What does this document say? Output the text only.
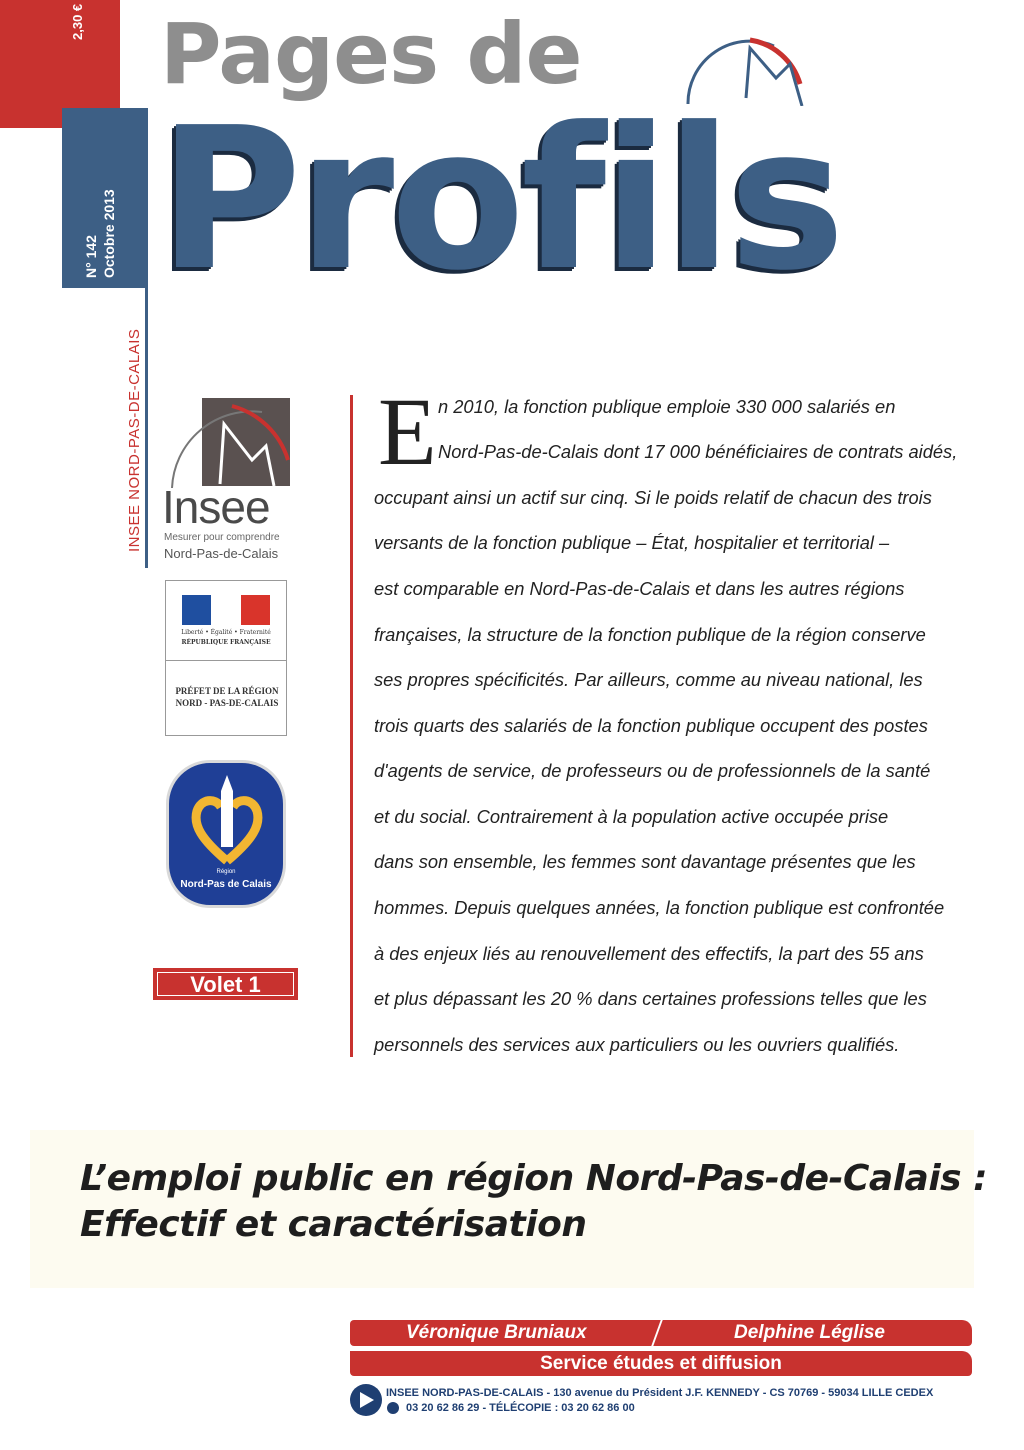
2,30 €
N° 142 Octobre 2013
INSEE NORD-PAS-DE-CALAIS
Pages de
Profils
Insee
Mesurer pour comprendre
Nord-Pas-de-Calais
Liberté • Égalité • Fraternité
RÉPUBLIQUE FRANÇAISE
PRÉFET DE LA RÉGION
NORD - PAS-DE-CALAIS
Région
Nord-Pas de Calais
Volet 1
E n 2010, la fonction publique emploie 330 000 salariés en
Nord-Pas-de-Calais dont 17 000 bénéficiaires de contrats aidés,
occupant ainsi un actif sur cinq. Si le poids relatif de chacun des trois
versants de la fonction publique – État, hospitalier et territorial –
est comparable en Nord-Pas-de-Calais et dans les autres régions
françaises, la structure de la fonction publique de la région conserve
ses propres spécificités. Par ailleurs, comme au niveau national, les
trois quarts des salariés de la fonction publique occupent des postes
d'agents de service, de professeurs ou de professionnels de la santé
et du social. Contrairement à la population active occupée prise
dans son ensemble, les femmes sont davantage présentes que les
hommes. Depuis quelques années, la fonction publique est confrontée
à des enjeux liés au renouvellement des effectifs, la part des 55 ans
et plus dépassant les 20 % dans certaines professions telles que les
personnels des services aux particuliers ou les ouvriers qualifiés.
L’emploi public en région Nord-Pas-de-Calais :
Effectif et caractérisation
Véronique Bruniaux	Delphine Léglise
Service études et diffusion
INSEE NORD-PAS-DE-CALAIS - 130 avenue du Président J.F. KENNEDY - CS 70769 - 59034 LILLE CEDEX
03 20 62 86 29 - TÉLÉCOPIE : 03 20 62 86 00
